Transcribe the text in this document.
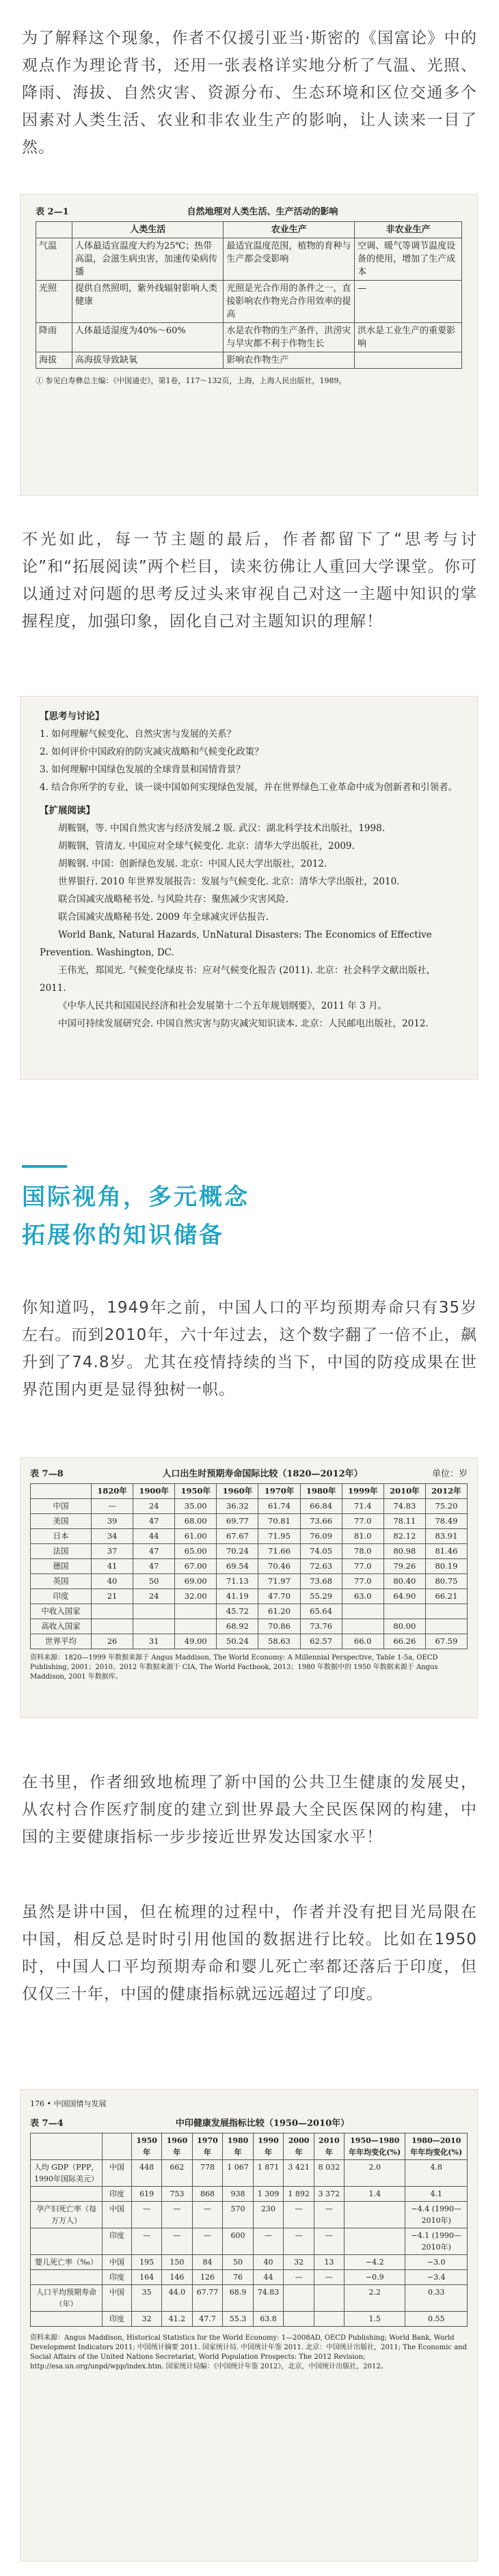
为了解释这个现象，作者不仅援引亚当·斯密的《国富论》中的观点作为理论背书，还用一张表格详实地分析了气温、光照、降雨、海拔、自然灾害、资源分布、生态环境和区位交通多个因素对人类生活、农业和非农业生产的影响，让人读来一目了然。

表 2—1	自然地理对人类生活、生产活动的影响
	人类生活	农业生产	非农业生产
气温	人体最适宜温度大约为25℃；热带高温，会滋生病虫害，加速传染病传播	最适宜温度范围，植物的育种与生产都会受影响	空调、暖气等调节温度设备的使用，增加了生产成本
光照	提供自然照明，紫外线辐射影响人类健康	光照是光合作用的条件之一，直接影响农作物光合作用效率的提高	—
降雨	人体最适湿度为40%～60%	水是农作物的生产条件，洪涝灾与旱灾都不利于作物生长	洪水是工业生产的重要影响
海拔	高海拔导致缺氧	影响农作物生产	
① 参见白寿彝总主编：《中国通史》，第1卷，117～132页，上海，上海人民出版社，1989。

不光如此，每一节主题的最后，作者都留下了“思考与讨论”和“拓展阅读”两个栏目，读来彷佛让人重回大学课堂。你可以通过对问题的思考反过头来审视自己对这一主题中知识的掌握程度，加强印象，固化自己对主题知识的理解！

【思考与讨论】
1. 如何理解气候变化、自然灾害与发展的关系？
2. 如何评价中国政府的防灾减灾战略和气候变化政策？
3. 如何理解中国绿色发展的全球背景和国情背景？
4. 结合你所学的专业，谈一谈中国如何实现绿色发展，并在世界绿色工业革命中成为创新者和引领者。
【扩展阅读】
胡鞍钢，等. 中国自然灾害与经济发展.2 版. 武汉：湖北科学技术出版社，1998.
胡鞍钢，管清友. 中国应对全球气候变化. 北京：清华大学出版社，2009.
胡鞍钢. 中国：创新绿色发展. 北京：中国人民大学出版社，2012.
世界银行. 2010 年世界发展报告：发展与气候变化. 北京：清华大学出版社，2010.
联合国减灾战略秘书处. 与风险共存：聚焦减少灾害风险.
联合国减灾战略秘书处. 2009 年全球减灾评估报告.
World Bank, Natural Hazards, UnNatural Disasters: The Economics of Effective Prevention. Washington, DC.
王伟光，郑国光. 气候变化绿皮书：应对气候变化报告 (2011). 北京：社会科学文献出版社，2011.
《中华人民共和国国民经济和社会发展第十二个五年规划纲要》，2011 年 3 月。
中国可持续发展研究会. 中国自然灾害与防灾减灾知识读本. 北京：人民邮电出版社，2012.
国际视角，多元概念
拓展你的知识储备

你知道吗，1949年之前，中国人口的平均预期寿命只有35岁左右。而到2010年，六十年过去，这个数字翻了一倍不止，飙升到了74.8岁。尤其在疫情持续的当下，中国的防疫成果在世界范围内更是显得独树一帜。

表 7—8	人口出生时预期寿命国际比较（1820—2012年）	单位：岁
	1820年	1900年	1950年	1960年	1970年	1980年	1999年	2010年	2012年
中国	—	24	35.00	36.32	61.74	66.84	71.4	74.83	75.20
美国	39	47	68.00	69.77	70.81	73.66	77.0	78.11	78.49
日本	34	44	61.00	67.67	71.95	76.09	81.0	82.12	83.91
法国	37	47	65.00	70.24	71.66	74.05	78.0	80.98	81.46
德国	41	47	67.00	69.54	70.46	72.63	77.0	79.26	80.19
英国	40	50	69.00	71.13	71.97	73.68	77.0	80.40	80.75
印度	21	24	32.00	41.19	47.70	55.29	63.0	64.90	66.21
中收入国家				45.72	61.20	65.64			
高收入国家				68.92	70.86	73.76		80.00	
世界平均	26	31	49.00	50.24	58.63	62.57	66.0	66.26	67.59
资料来源：1820—1999 年数据来源于 Angus Maddison, The World Economy: A Millennial Perspective, Table 1-5a, OECD Publishing, 2001；2010、2012 年数据来源于 CIA, The World Factbook, 2013；1980 年数据中的 1950 年数据来源于 Angus Maddison, 2001 年数据库。

在书里，作者细致地梳理了新中国的公共卫生健康的发展史，从农村合作医疗制度的建立到世界最大全民医保网的构建，中国的主要健康指标一步步接近世界发达国家水平！

虽然是讲中国，但在梳理的过程中，作者并没有把目光局限在中国，相反总是时时引用他国的数据进行比较。比如在1950时，中国人口平均预期寿命和婴儿死亡率都还落后于印度，但仅仅三十年，中国的健康指标就远远超过了印度。

176 • 中国国情与发展
表 7—4	中印健康发展指标比较（1950—2010年）
		1950年	1960年	1970年	1980年	1990年	2000年	2010年	1950—1980年年均变化(%)	1980—2010年年均变化(%)
人均 GDP（PPP，1990年国际美元）	中国	448	662	778	1 067	1 871	3 421	8 032	2.0	4.8
	印度	619	753	868	938	1 309	1 892	3 372	1.4	4.1
孕产妇死亡率（每万万人）	中国	—	—	—	570	230	—	—		−4.4 (1990—2010年)
	印度	—	—	—	600	—	—	—		−4.1 (1990—2010年)
婴儿死亡率（‰）	中国	195	150	84	50	40	32	13	−4.2	−3.0
	印度	164	146	126	76	44	—	—	−0.9	−3.4
人口平均预期寿命（年）	中国	35	44.0	67.77	68.9	74.83			2.2	0.33
	印度	32	41.2	47.7	55.3	63.8			1.5	0.55
资料来源：Angus Maddison, Historical Statistics for the World Economy: 1—2008AD, OECD Publishing; World Bank, World Development Indicators 2011; 中国统计摘要 2011. 国家统计局. 中国统计年鉴 2011. 北京：中国统计出版社，2011; The Economic and Social Affairs of the United Nations Secretariat, World Population Prospects: The 2012 Revision; http://esa.un.org/unpd/wpp/index.htm. 国家统计局编：《中国统计年鉴 2012》，北京，中国统计出版社，2012。
